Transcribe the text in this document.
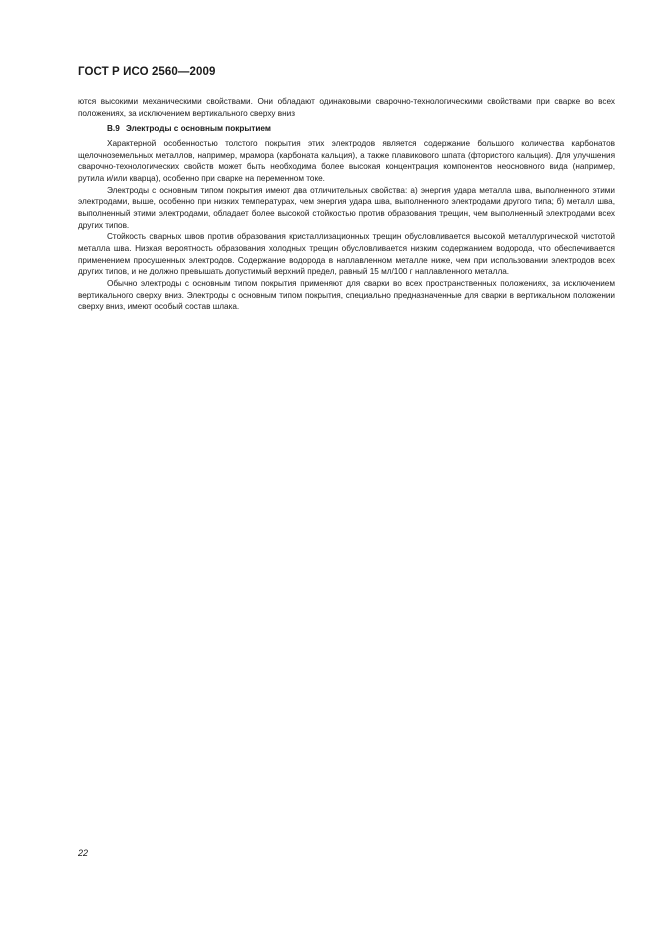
ГОСТ Р ИСО 2560—2009

ются высокими механическими свойствами. Они обладают одинаковыми сварочно-технологическими свойствами при сварке во всех положениях, за исключением вертикального сверху вниз

В.9 Электроды с основным покрытием

Характерной особенностью толстого покрытия этих электродов является содержание большого количества карбонатов щелочноземельных металлов, например, мрамора (карбоната кальция), а также плавикового шпата (фтористого кальция). Для улучшения сварочно-технологических свойств может быть необходима более высокая концентрация компонентов неосновного вида (например, рутила и/или кварца), особенно при сварке на переменном токе.

Электроды с основным типом покрытия имеют два отличительных свойства: а) энергия удара металла шва, выполненного этими электродами, выше, особенно при низких температурах, чем энергия удара шва, выполненного электродами другого типа; б) металл шва, выполненный этими электродами, обладает более высокой стойкостью против образования трещин, чем выполненный электродами всех других типов.

Стойкость сварных швов против образования кристаллизационных трещин обусловливается высокой металлургической чистотой металла шва. Низкая вероятность образования холодных трещин обусловливается низким содержанием водорода, что обеспечивается применением просушенных электродов. Содержание водорода в наплавленном металле ниже, чем при использовании электродов всех других типов, и не должно превышать допустимый верхний предел, равный 15 мл/100 г наплавленного металла.

Обычно электроды с основным типом покрытия применяют для сварки во всех пространственных положениях, за исключением вертикального сверху вниз. Электроды с основным типом покрытия, специально предназначенные для сварки в вертикальном положении сверху вниз, имеют особый состав шлака.

22
